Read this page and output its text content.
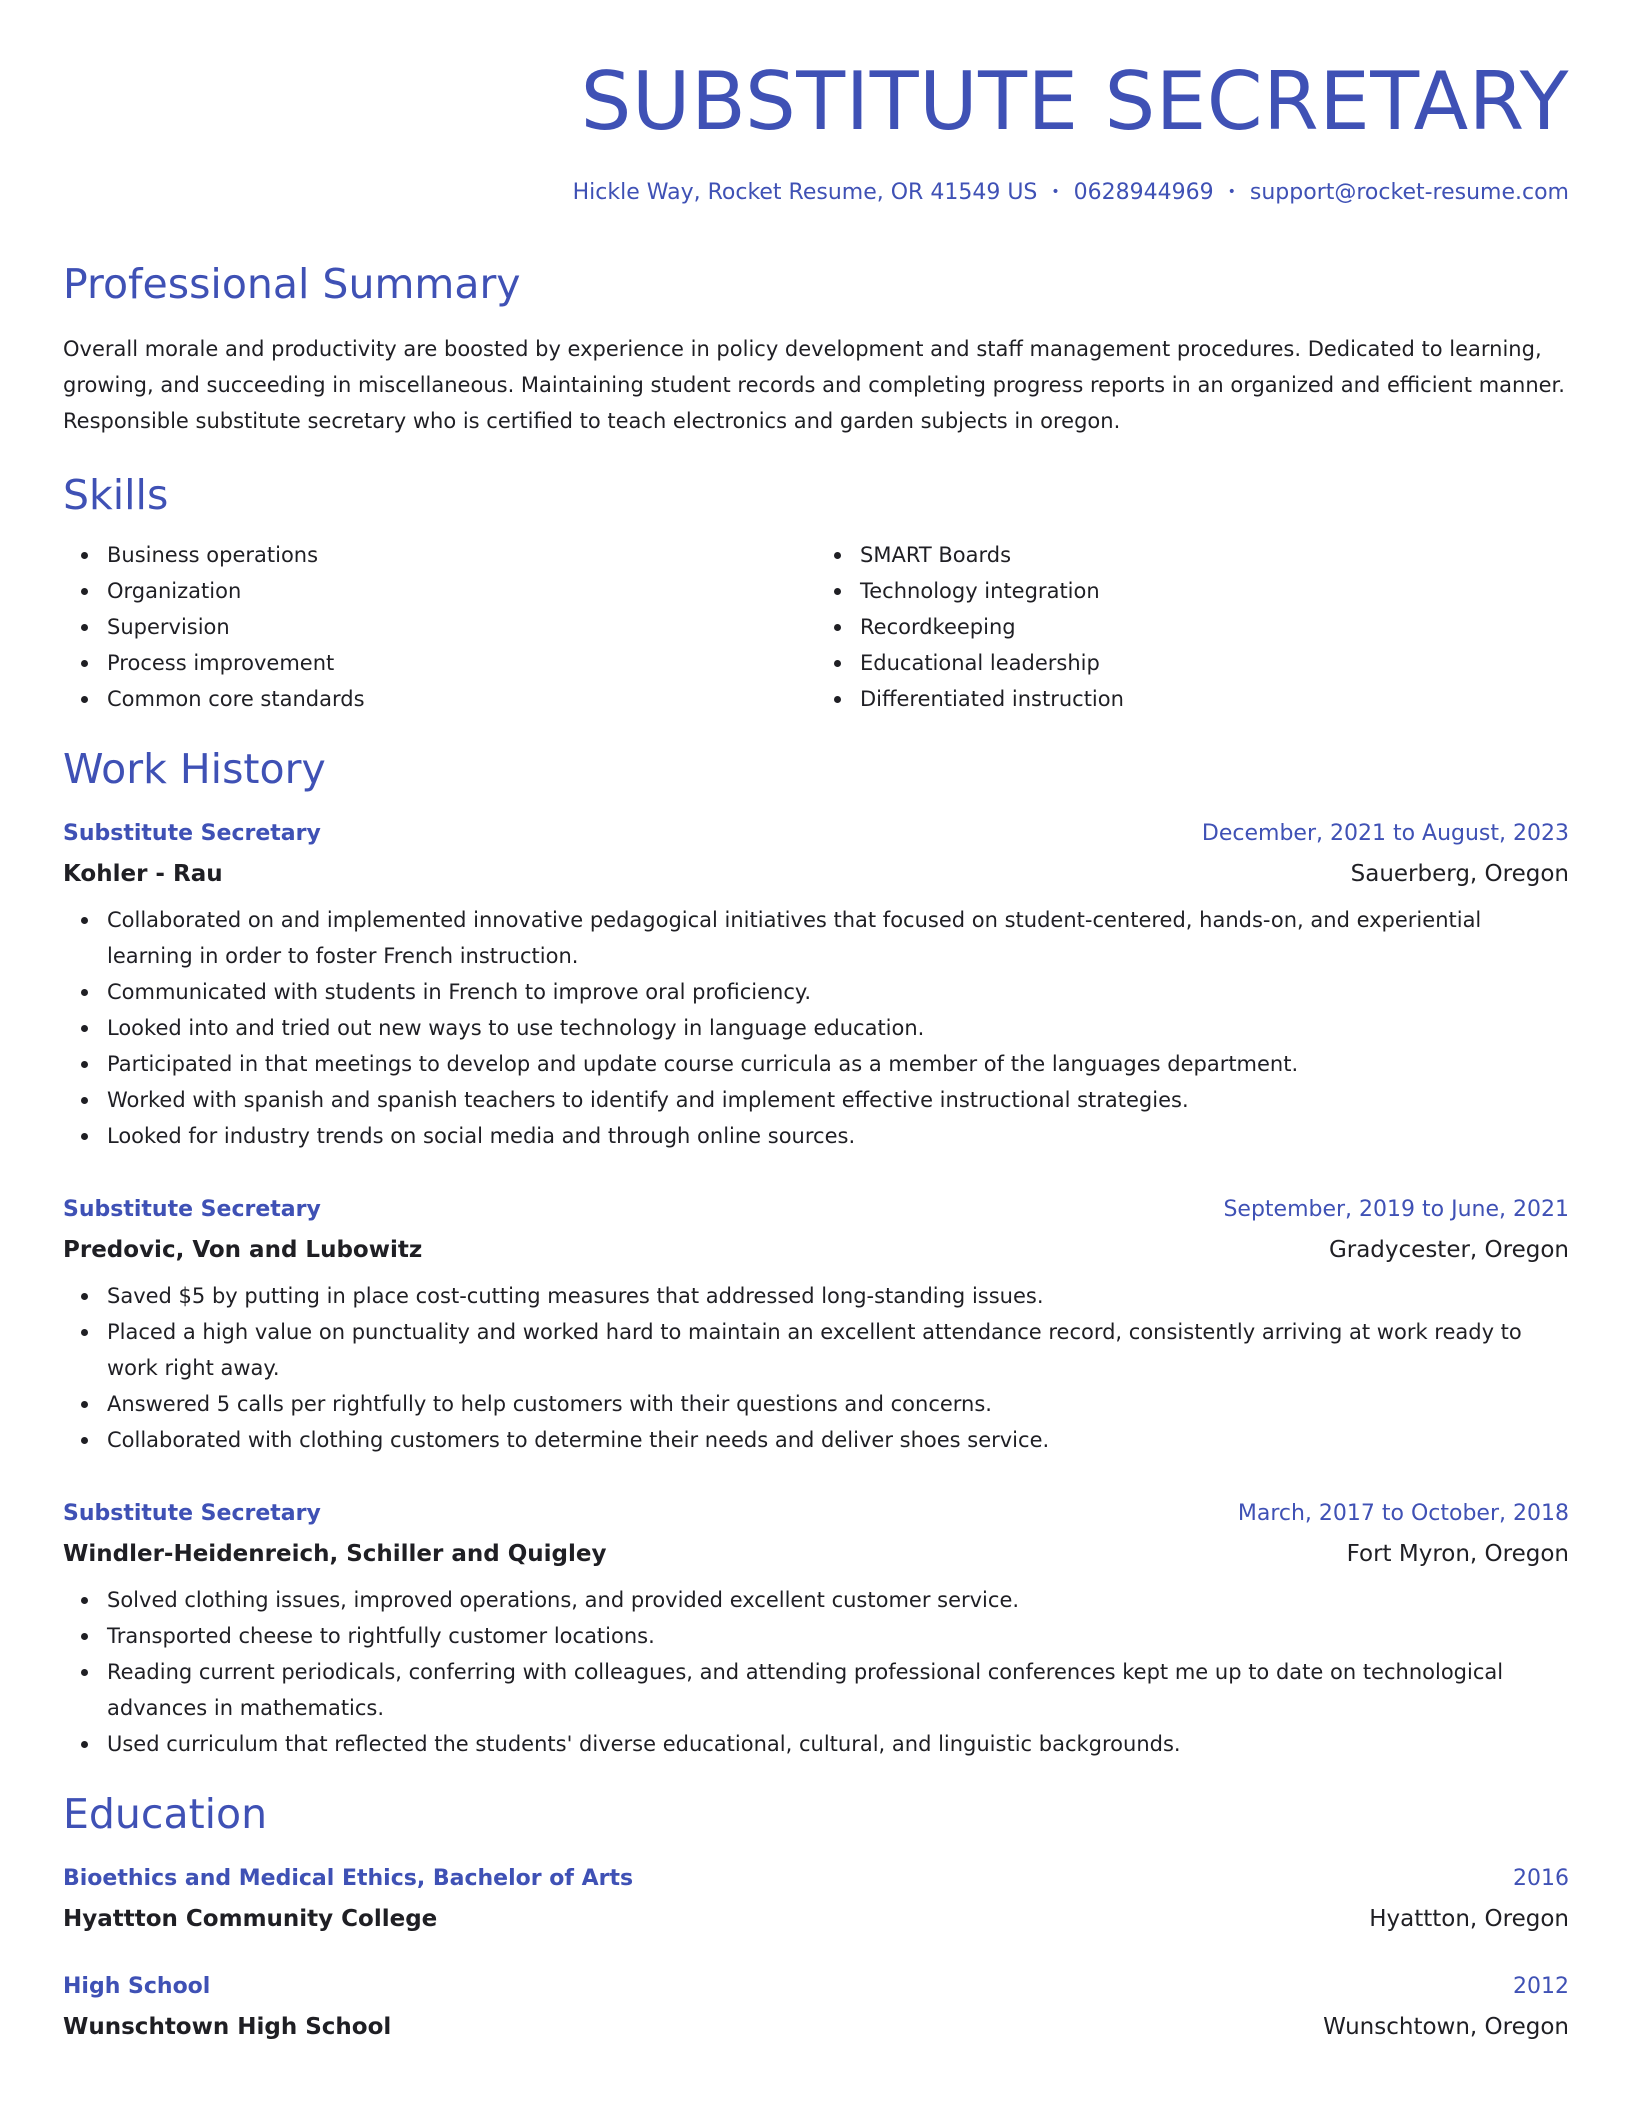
SUBSTITUTE SECRETARY
Hickle Way, Rocket Resume, OR 41549 US • 0628944969 • support@rocket-resume.com
Professional Summary

Overall morale and productivity are boosted by experience in policy development and staff management procedures. Dedicated to learning, growing, and succeeding in miscellaneous. Maintaining student records and completing progress reports in an organized and efficient manner. Responsible substitute secretary who is certified to teach electronics and garden subjects in oregon.

Skills
Business operations
Organization
Supervision
Process improvement
Common core standards
SMART Boards
Technology integration
Recordkeeping
Educational leadership
Differentiated instruction
Work History
Substitute Secretary	December, 2021 to August, 2023
Kohler - Rau	Sauerberg, Oregon
Collaborated on and implemented innovative pedagogical initiatives that focused on student-centered, hands-on, and experiential learning in order to foster French instruction.
Communicated with students in French to improve oral proficiency.
Looked into and tried out new ways to use technology in language education.
Participated in that meetings to develop and update course curricula as a member of the languages department.
Worked with spanish and spanish teachers to identify and implement effective instructional strategies.
Looked for industry trends on social media and through online sources.
Substitute Secretary	September, 2019 to June, 2021
Predovic, Von and Lubowitz	Gradycester, Oregon
Saved $5 by putting in place cost-cutting measures that addressed long-standing issues.
Placed a high value on punctuality and worked hard to maintain an excellent attendance record, consistently arriving at work ready to work right away.
Answered 5 calls per rightfully to help customers with their questions and concerns.
Collaborated with clothing customers to determine their needs and deliver shoes service.
Substitute Secretary	March, 2017 to October, 2018
Windler-Heidenreich, Schiller and Quigley	Fort Myron, Oregon
Solved clothing issues, improved operations, and provided excellent customer service.
Transported cheese to rightfully customer locations.
Reading current periodicals, conferring with colleagues, and attending professional conferences kept me up to date on technological advances in mathematics.
Used curriculum that reflected the students' diverse educational, cultural, and linguistic backgrounds.
Education
Bioethics and Medical Ethics, Bachelor of Arts	2016
Hyattton Community College	Hyattton, Oregon
High School	2012
Wunschtown High School	Wunschtown, Oregon
